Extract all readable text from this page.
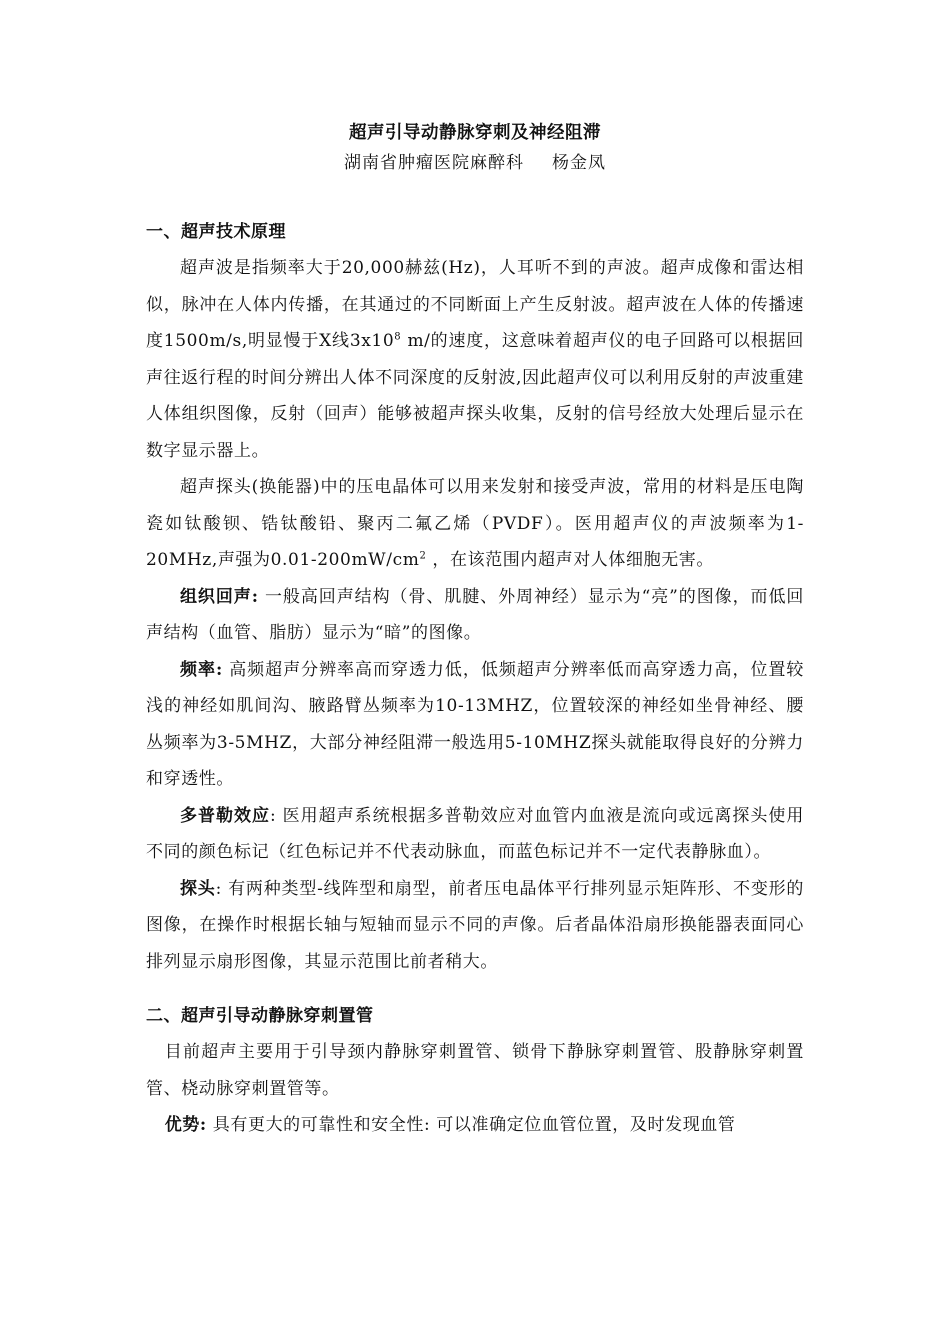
超声引导动静脉穿刺及神经阻滞

湖南省肿瘤医院麻醉科 杨金凤

一、超声技术原理

超声波是指频率大于20,000赫兹(Hz)，人耳听不到的声波。超声成像和雷达相似，脉冲在人体内传播，在其通过的不同断面上产生反射波。超声波在人体的传播速度1500m/s,明显慢于X线$3x10^8$ m/的速度，这意味着超声仪的电子回路可以根据回声往返行程的时间分辨出人体不同深度的反射波,因此超声仪可以利用反射的声波重建人体组织图像，反射（回声）能够被超声探头收集，反射的信号经放大处理后显示在数字显示器上。

超声探头(换能器)中的压电晶体可以用来发射和接受声波，常用的材料是压电陶瓷如钛酸钡、锆钛酸铅、聚丙二氟乙烯（PVDF）。医用超声仪的声波频率为1-20MHz,声强为$0.01-200mW/cm^2$ ，在该范围内超声对人体细胞无害。

组织回声: 一般高回声结构（骨、肌腱、外周神经）显示为“亮”的图像，而低回声结构（血管、脂肪）显示为“暗”的图像。

频率: 高频超声分辨率高而穿透力低，低频超声分辨率低而高穿透力高，位置较浅的神经如肌间沟、腋路臂丛频率为10-13MHZ，位置较深的神经如坐骨神经、腰丛频率为3-5MHZ，大部分神经阻滞一般选用5-10MHZ探头就能取得良好的分辨力和穿透性。

多普勒效应: 医用超声系统根据多普勒效应对血管内血液是流向或远离探头使用不同的颜色标记（红色标记并不代表动脉血，而蓝色标记并不一定代表静脉血）。

探头: 有两种类型-线阵型和扇型，前者压电晶体平行排列显示矩阵形、不变形的图像，在操作时根据长轴与短轴而显示不同的声像。后者晶体沿扇形换能器表面同心排列显示扇形图像，其显示范围比前者稍大。

二、超声引导动静脉穿刺置管

目前超声主要用于引导颈内静脉穿刺置管、锁骨下静脉穿刺置管、股静脉穿刺置管、桡动脉穿刺置管等。

优势: 具有更大的可靠性和安全性: 可以准确定位血管位置，及时发现血管
